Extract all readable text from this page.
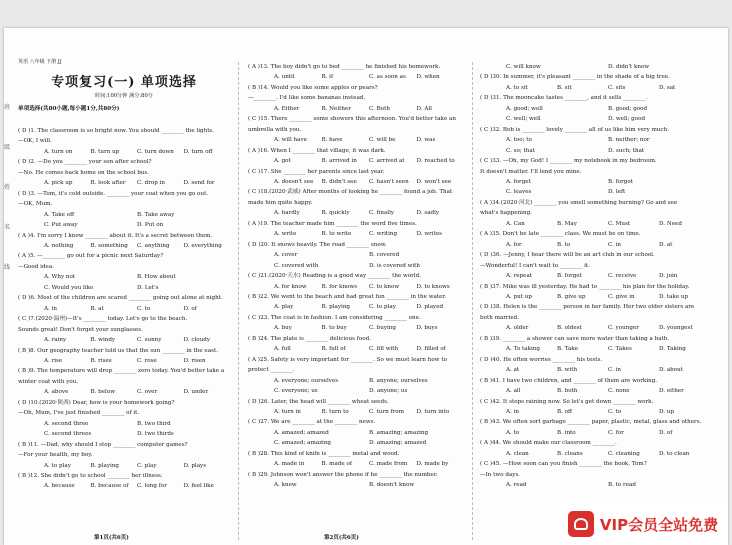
班级 姓名 线
英语 八年级 下册 JJ
专项复习(一) 单项选择
时间:100分钟 满分:80分
单项选择(共80小题,每小题1分,共80分)
( D )1. The classroom is so bright now. You should ________ the lights.
—OK, I will.
A. turn on	B. turn up	C. turn down	D. turn off
( D )2. —Do you ________ your son after school?
—No. He comes back home on the school bus.
A. pick up	B. look after	C. drop in	D. send for
( D )3. —Tom, it's cold outside. ________ your coat when you go out.
—OK, Mum.
A. Take off	B. Take away
C. Put away	D. Put on
( A )4. I'm sorry I know ________ about it. It's a secret between them.
A. nothing	B. something	C. anything	D. everything
( A )5. —________ go out for a picnic next Saturday?
—Good idea.
A. Why not	B. How about
C. Would you like	D. Let's
( D )6. Most of the children are scared ________ going out alone at night.
A. in	B. at	C. to	D. of
( C )7.(2020·温州)—It's ________ today. Let's go to the beach.
Sounds great! Don't forget your sunglasses.
A. rainy	B. windy	C. sunny	D. cloudy
( B )8. Our geography teacher told us that the sun ________ in the east.
A. rise	B. rises	C. rose	D. risen
( B )9. The temperature will drop ________ zero today. You'd better take a
winter coat with you.
A. above	B. below	C. over	D. under
( D )10.(2020·陕西) Dear, how is your homework going?
—Oh, Mum, I've just finished ________ of it.
A. second three	B. two third
C. second threes	D. two thirds
( B )11. —Dad, why should I stop ________ computer games?
—For your health, my boy.
A. to play	B. playing	C. play	D. plays
( B )12. She didn't go to school ________ her illness.
A. because	B. because of	C. long for	D. feel like
( A )13. The boy didn't go to bed ________ he finished his homework.
A. until	B. if	C. as soon as	D. when
( B )14. Would you like some apples or pears?
—________. I'd like some bananas instead.
A. Either	B. Neither	C. Both	D. All
( C )15. There ________ some showers this afternoon. You'd better take an
umbrella with you.
A. will have	B. have	C. will be	D. was
( A )16. When I ________ that village, it was dark.
A. got	B. arrived in	C. arrived at	D. reached to
( C )17. She ________ her parents since last year.
A. doesn't see	B. didn't see	C. hasn't seen	D. won't see
( C )18.(2020·武威) After months of looking he ________ found a job. That
made him quite happy.
A. hardly	B. quickly	C. finally	D. sadly
( A )19. The teacher made him ________ the word five times.
A. write	B. to write	C. writing	D. writes
( D )20. It snows heavily. The road ________ snow.
A. cover	B. covered
C. covered with	D. is covered with
( C )21.(2020·天水) Reading is a good way ________ the world.
A. for know	B. for knows	C. to know	D. to knows
( B )22. We went to the beach and had great fun ________ in the water.
A. play	B. playing	C. to play	D. played
( C )23. The coat is in fashion. I am considering ________ one.
A. buy	B. to buy	C. buying	D. buys
( B )24. The plate is ________ delicious food.
A. full	B. full of	C. fill with	D. filled of
( A )25. Safety is very important for ________. So we must learn how to
protect ________.
A. everyone; ourselves	B. anyone; ourselves
C. everyone; us	D. anyone; us
( D )26. Later, the head will ________ wheat seeds.
A. turn in	B. turn to	C. turn from	D. turn into
( C )27. We are ________ at the ________ news.
A. amazed; amazed	B. amazing; amazing
C. amazed; amazing	D. amazing; amazed
( B )28. This kind of knife is ________ metal and wood.
A. made in	B. made of	C. made from	D. made by
( B )29. Johnson won't answer the phone if he ________ the number.
A. knew	B. doesn't know
C. will know	D. didn't know
( D )30. In summer, it's pleasant ________ in the shade of a big tree.
A. to sit	B. sit	C. sits	D. sat
( D )31. The mooncake tastes ________, and it sells ________.
A. good; well	B. good; good
C. well; well	D. well; good
( C )32. Bob is ________ lovely ________ all of us like him very much.
A. too; to	B. neither; nor
C. so; that	D. such; that
( C )33. —Oh, my God! I ________ my notebook in my bedroom.
It doesn't matter. I'll lend you mine.
A. forget	B. forgot
C. leaves	D. left
( A )34.(2020·河北) ________ you smell something burning? Go and see
what's happening.
A. Can	B. May	C. Must	D. Need
( A )35. Don't be late ________ class. We must be on time.
A. for	B. to	C. in	D. at
( D )36. —Jenny, I hear there will be an art club in our school.
—Wonderful! I can't wait to ________ it.
A. repeat	B. forget	C. receive	D. join
( B )37. Mike was ill yesterday. He had to ________ his plan for the holiday.
A. put up	B. give up	C. give in	D. take up
( D )38. Helen is the ________ person in her family. Her two older sisters are
both married.
A. older	B. oldest	C. younger	D. youngest
( B )39. ________ a shower can save more water than taking a bath.
A. To taking	B. Take	C. Takes	D. Taking
( D )40. He often worries ________ his tests.
A. at	B. with	C. in	D. about
( B )41. I have two children, and ________ of them are working.
A. all	B. both	C. none	D. either
( C )42. It stops raining now. So let's get down ________ work.
A. in	B. off	C. to	D. up
( B )43. We often sort garbage ________ paper, plastic, metal, glass and others.
A. to	B. into	C. for	D. of
( A )44. We should make our classroom ________.
A. clean	B. cleans	C. cleaning	D. to clean
( C )45. —How soon can you finish ________ the book, Tom?
—In two days.
A. read	B. to read
第1页(共6页)	第2页(共6页)
VIP会员全站免费
